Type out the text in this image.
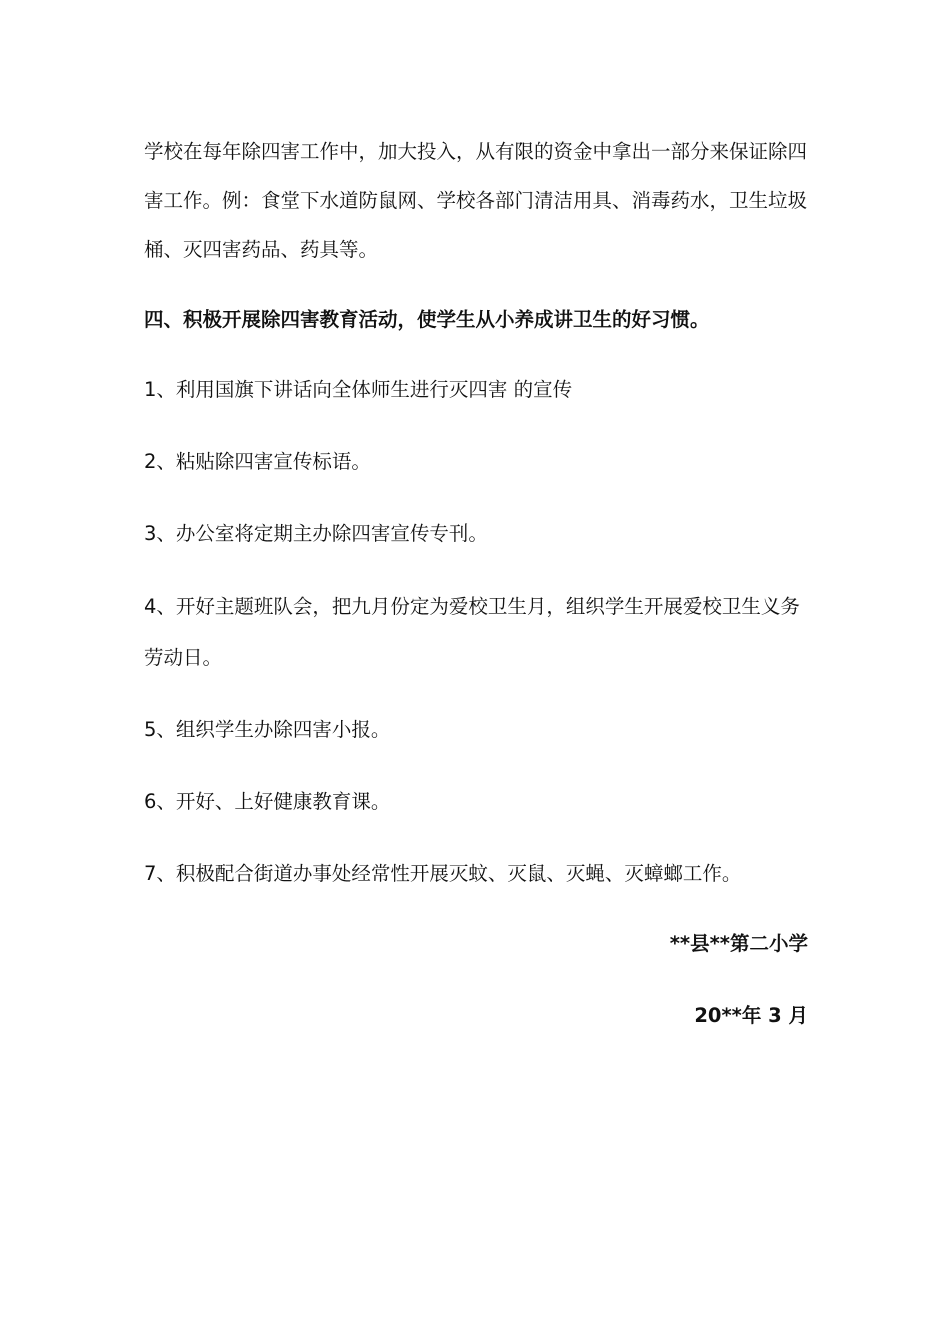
学校在每年除四害工作中，加大投入，从有限的资金中拿出一部分来保证除四害工作。例：食堂下水道防鼠网、学校各部门清洁用具、消毒药水，卫生垃圾桶、灭四害药品、药具等。

四、积极开展除四害教育活动，使学生从小养成讲卫生的好习惯。

1、利用国旗下讲话向全体师生进行灭四害 的宣传

2、粘贴除四害宣传标语。

3、办公室将定期主办除四害宣传专刊。

4、开好主题班队会，把九月份定为爱校卫生月，组织学生开展爱校卫生义务劳动日。

5、组织学生办除四害小报。

6、开好、上好健康教育课。

7、积极配合街道办事处经常性开展灭蚊、灭鼠、灭蝇、灭蟑螂工作。

**县**第二小学

20**年 3 月
